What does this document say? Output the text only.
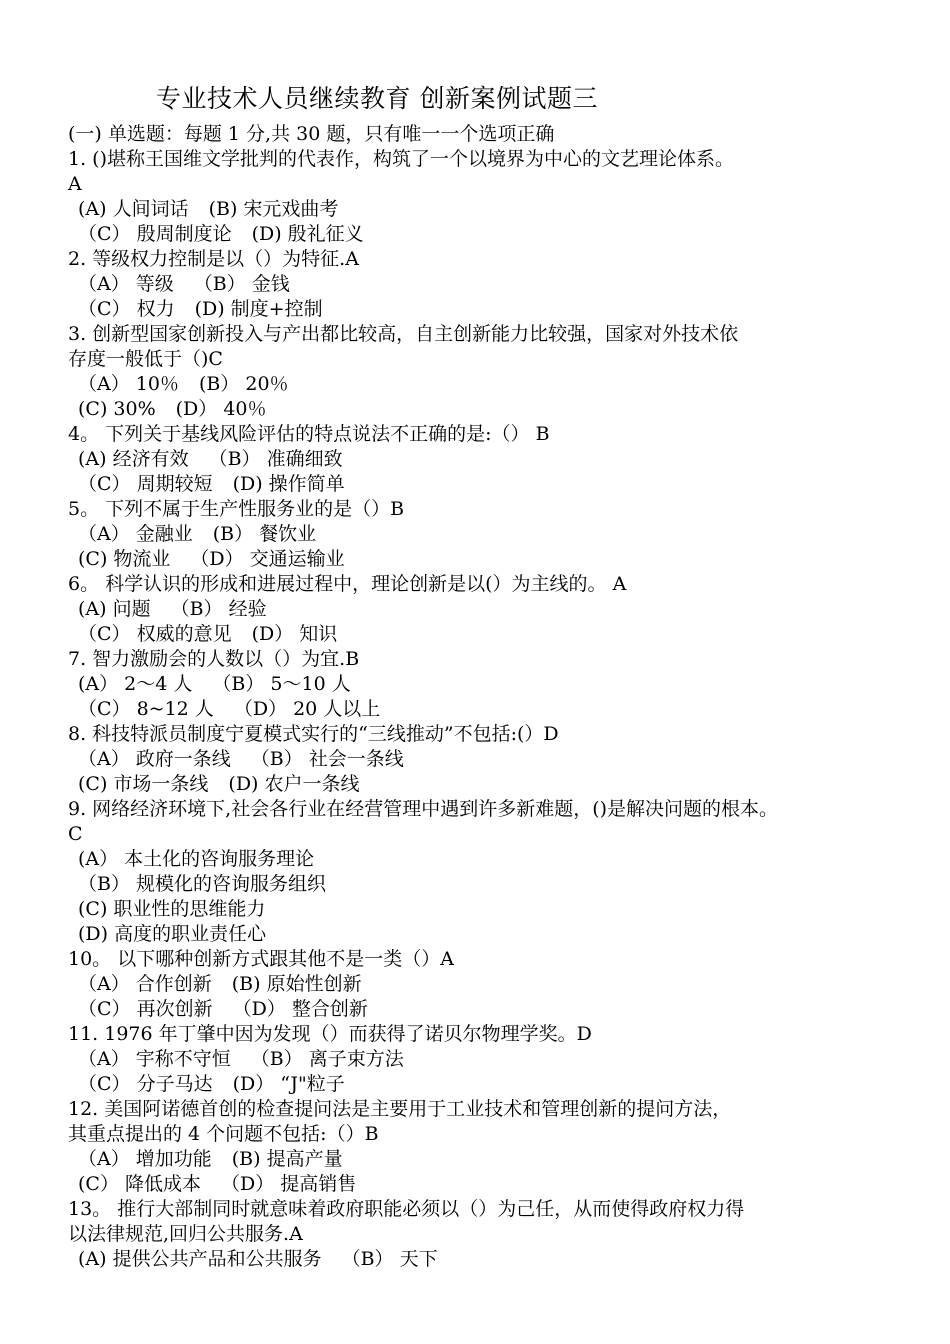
专业技术人员继续教育 创新案例试题三
(一) 单选题：每题 1 分,共 30 题，只有唯一一个选项正确
1. ()堪称王国维文学批判的代表作，构筑了一个以境界为中心的文艺理论体系。
A
(A) 人间词话 (B) 宋元戏曲考
（C） 殷周制度论 (D) 殷礼征义
2. 等级权力控制是以（）为特征.A
（A） 等级 （B） 金钱
（C） 权力 (D) 制度+控制
3. 创新型国家创新投入与产出都比较高，自主创新能力比较强，国家对外技术依
存度一般低于（)C
（A） 10％ (B） 20％
(C) 30% (D） 40％
4。 下列关于基线风险评估的特点说法不正确的是:（） B
(A) 经济有效 （B） 准确细致
（C） 周期较短 (D) 操作简单
5。 下列不属于生产性服务业的是（）B
（A） 金融业 (B） 餐饮业
(C) 物流业 （D） 交通运输业
6。 科学认识的形成和进展过程中，理论创新是以(）为主线的。 A
(A) 问题 （B） 经验
（C） 权威的意见 (D） 知识
7. 智力激励会的人数以（）为宜.B
(A） 2～4 人 （B） 5～10 人
（C） 8~12 人 （D） 20 人以上
8. 科技特派员制度宁夏模式实行的“三线推动”不包括:(）D
（A） 政府一条线 （B） 社会一条线
(C) 市场一条线 (D) 农户一条线
9. 网络经济环境下,社会各行业在经营管理中遇到许多新难题，()是解决问题的根本。
C
(A） 本土化的咨询服务理论
（B） 规模化的咨询服务组织
(C) 职业性的思维能力
(D) 高度的职业责任心
10。 以下哪种创新方式跟其他不是一类（）A
（A） 合作创新 (B) 原始性创新
（C） 再次创新 （D） 整合创新
11. 1976 年丁肇中因为发现（）而获得了诺贝尔物理学奖。D
（A） 宇称不守恒 （B） 离子束方法
（C） 分子马达 (D） “J"粒子
12. 美国阿诺德首创的检查提问法是主要用于工业技术和管理创新的提问方法，
其重点提出的 4 个问题不包括:（）B
（A） 增加功能 (B) 提高产量
(C） 降低成本 （D） 提高销售
13。 推行大部制同时就意味着政府职能必须以（）为己任，从而使得政府权力得
以法律规范,回归公共服务.A
(A) 提供公共产品和公共服务 （B） 天下
